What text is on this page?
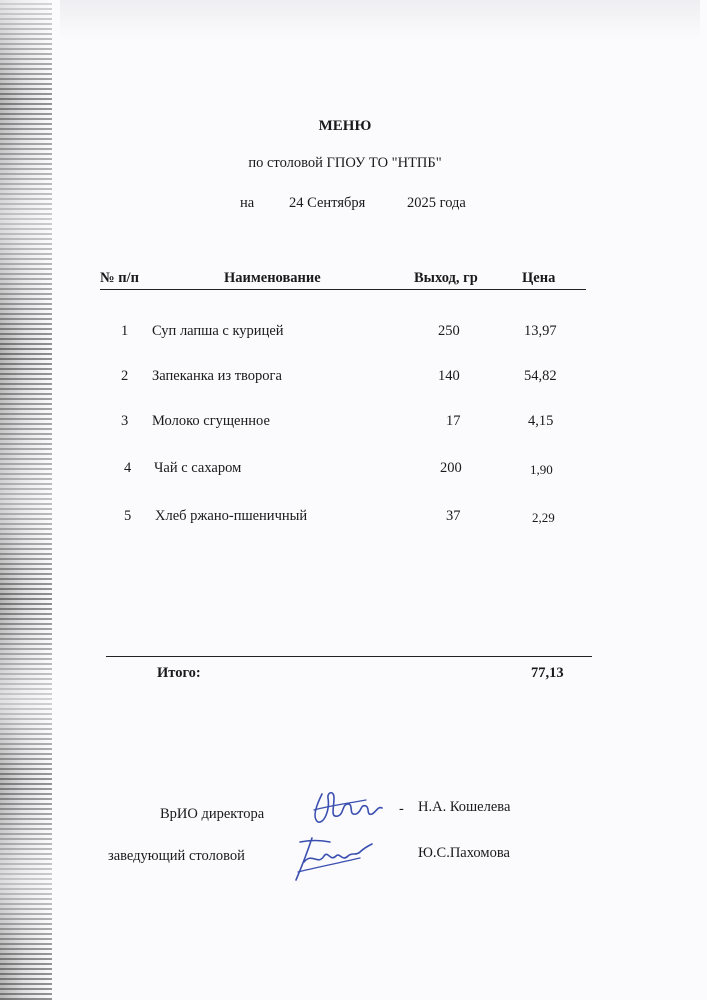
МЕНЮ
по столовой ГПОУ ТО "НТПБ"
на 24 Сентября	2025 года
№ п/п	Наименование	Выход, гр	Цена
1 Суп лапша с курицей	250	13,97
2 Запеканка из творога	140	54,82
3 Молоко сгущенное	17	4,15
4 Чай с сахаром	200	1,90
5 Хлеб ржано-пшеничный	37	2,29
Итого:	77,13
ВрИО директора	- Н.А. Кошелева
заведующий столовой	Ю.С.Пахомова
